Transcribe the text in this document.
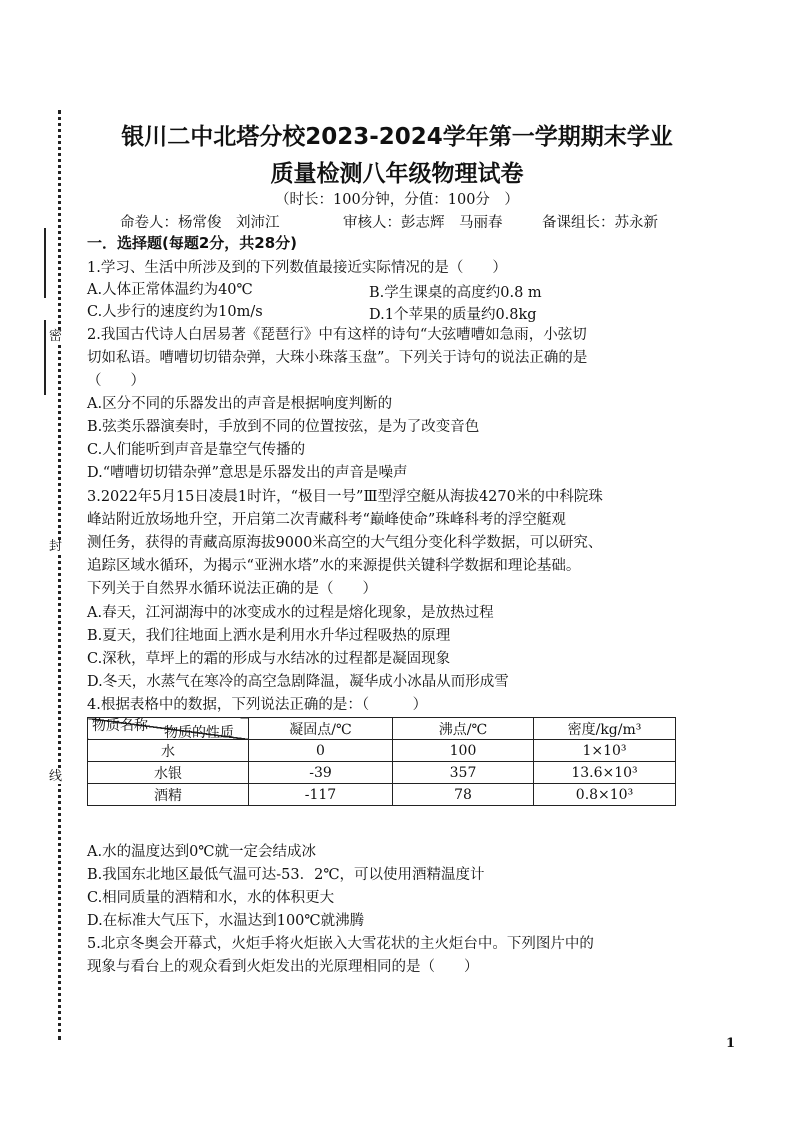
密
封
线
银川二中北塔分校2023-2024学年第一学期期末学业
质量检测八年级物理试卷
（时长：100分钟，分值：100分　）
命卷人：杨常俊　刘沛江	审核人：彭志辉　马丽春	备课组长：苏永新
一．选择题(每题2分，共28分)
1.学习、生活中所涉及到的下列数值最接近实际情况的是（　　）
A.人体正常体温约为40℃	B.学生课桌的高度约0.8 m
C.人步行的速度约为10m/s	D.1个苹果的质量约0.8kg
2.我国古代诗人白居易著《琵琶行》中有这样的诗句“大弦嘈嘈如急雨，小弦切
切如私语。嘈嘈切切错杂弹，大珠小珠落玉盘”。下列关于诗句的说法正确的是
（　　）
A.区分不同的乐器发出的声音是根据响度判断的
B.弦类乐器演奏时，手放到不同的位置按弦，是为了改变音色
C.人们能听到声音是靠空气传播的
D.“嘈嘈切切错杂弹”意思是乐器发出的声音是噪声
3.2022年5月15日凌晨1时许，“极目一号”Ⅲ型浮空艇从海拔4270米的中科院珠
峰站附近放场地升空，开启第二次青藏科考“巅峰使命”珠峰科考的浮空艇观
测任务，获得的青藏高原海拔9000米高空的大气组分变化科学数据，可以研究、
追踪区域水循环，为揭示“亚洲水塔”水的来源提供关键科学数据和理论基础。
下列关于自然界水循环说法正确的是（　　）
A.春天，江河湖海中的冰变成水的过程是熔化现象，是放热过程
B.夏天，我们往地面上洒水是利用水升华过程吸热的原理
C.深秋，草坪上的霜的形成与水结冰的过程都是凝固现象
D.冬天，水蒸气在寒冷的高空急剧降温，凝华成小冰晶从而形成雪
4.根据表格中的数据，下列说法正确的是：（　　　）
物质的性质
物质名称	凝固点/℃	沸点/℃	密度/kg/m³
水	0	100	1×10³
水银	-39	357	13.6×10³
酒精	-117	78	0.8×10³
A.水的温度达到0℃就一定会结成冰
B.我国东北地区最低气温可达-53．2℃，可以使用酒精温度计
C.相同质量的酒精和水，水的体积更大
D.在标准大气压下，水温达到100℃就沸腾
5.北京冬奥会开幕式，火炬手将火炬嵌入大雪花状的主火炬台中。下列图片中的
现象与看台上的观众看到火炬发出的光原理相同的是（　　）
1
